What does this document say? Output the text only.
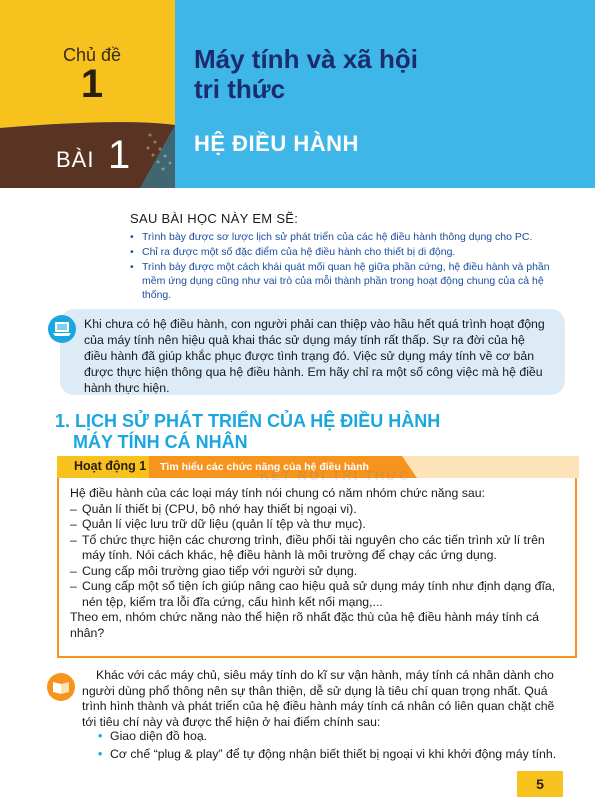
Chủ đề
1
BÀI 1
Máy tính và xã hội
tri thức
HỆ ĐIỀU HÀNH
SAU BÀI HỌC NÀY EM SẼ:
• Trình bày được sơ lược lịch sử phát triển của các hệ điều hành thông dụng cho PC.
• Chỉ ra được một số đặc điểm của hệ điều hành cho thiết bị di động.
• Trình bày được một cách khái quát mối quan hệ giữa phần cứng, hệ điều hành và phần mềm ứng dụng cũng như vai trò của mỗi thành phần trong hoạt động chung của cả hệ thống.
Khi chưa có hệ điều hành, con người phải can thiệp vào hầu hết quá trình hoạt động của máy tính nên hiệu quả khai thác sử dụng máy tính rất thấp. Sự ra đời của hệ điều hành đã giúp khắc phục được tình trạng đó. Việc sử dụng máy tính về cơ bản được thực hiện thông qua hệ điều hành. Em hãy chỉ ra một số công việc mà hệ điều hành thực hiện.
1. LỊCH SỬ PHÁT TRIỂN CỦA HỆ ĐIỀU HÀNH
MÁY TÍNH CÁ NHÂN
Hoạt động 1 Tìm hiểu các chức năng của hệ điều hành
KẾT NỐI TRI THỨC

Hệ điều hành của các loại máy tính nói chung có năm nhóm chức năng sau:

– Quản lí thiết bị (CPU, bộ nhớ hay thiết bị ngoại vi).

– Quản lí việc lưu trữ dữ liệu (quản lí tệp và thư mục).

– Tổ chức thực hiện các chương trình, điều phối tài nguyên cho các tiến trình xử lí trên máy tính. Nói cách khác, hệ điều hành là môi trường để chạy các ứng dụng.

– Cung cấp môi trường giao tiếp với người sử dụng.

– Cung cấp một số tiện ích giúp nâng cao hiệu quả sử dụng máy tính như định dạng đĩa, nén tệp, kiểm tra lỗi đĩa cứng, cấu hình kết nối mạng,...

Theo em, nhóm chức năng nào thể hiện rõ nhất đặc thù của hệ điều hành máy tính cá nhân?

Khác với các máy chủ, siêu máy tính do kĩ sư vận hành, máy tính cá nhân dành cho người dùng phổ thông nên sự thân thiện, dễ sử dụng là tiêu chí quan trọng nhất. Quá trình hình thành và phát triển của hệ điều hành máy tính cá nhân có liên quan chặt chẽ tới tiêu chí này và được thể hiện ở hai điểm chính sau:

• Giao diện đồ hoạ.
• Cơ chế “plug & play” để tự động nhận biết thiết bị ngoại vi khi khởi động máy tính.
5
